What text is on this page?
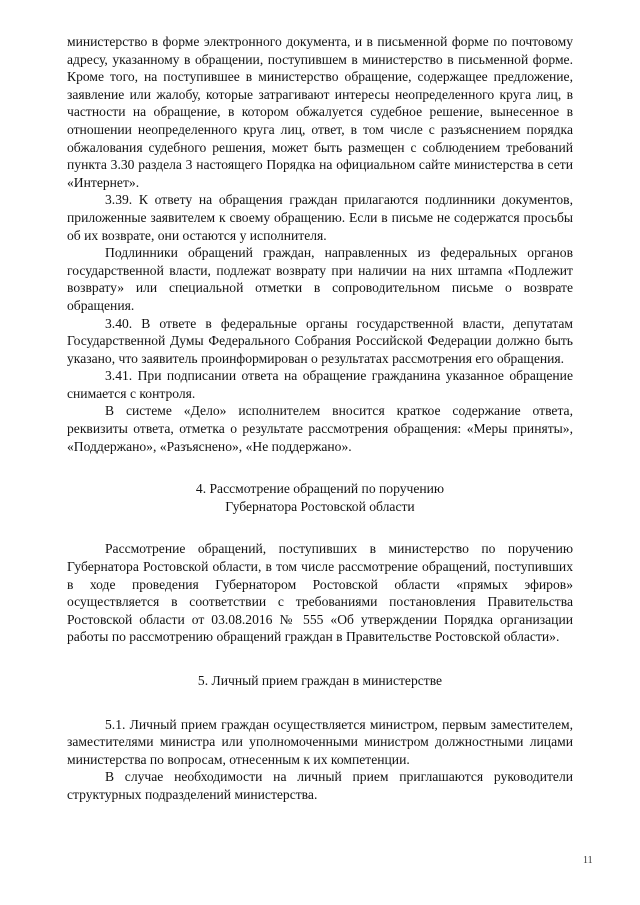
министерство в форме электронного документа, и в письменной форме по почтовому адресу, указанному в обращении, поступившем в министерство в письменной форме. Кроме того, на поступившее в министерство обращение, содержащее предложение, заявление или жалобу, которые затрагивают интересы неопределенного круга лиц, в частности на обращение, в котором обжалуется судебное решение, вынесенное в отношении неопределенного круга лиц, ответ, в том числе с разъяснением порядка обжалования судебного решения, может быть размещен с соблюдением требований пункта 3.30 раздела 3 настоящего Порядка на официальном сайте министерства в сети «Интернет».

3.39. К ответу на обращения граждан прилагаются подлинники документов, приложенные заявителем к своему обращению. Если в письме не содержатся просьбы об их возврате, они остаются у исполнителя.

Подлинники обращений граждан, направленных из федеральных органов государственной власти, подлежат возврату при наличии на них штампа «Подлежит возврату» или специальной отметки в сопроводительном письме о возврате обращения.

3.40. В ответе в федеральные органы государственной власти, депутатам Государственной Думы Федерального Собрания Российской Федерации должно быть указано, что заявитель проинформирован о результатах рассмотрения его обращения.

3.41. При подписании ответа на обращение гражданина указанное обращение снимается с контроля.

В системе «Дело» исполнителем вносится краткое содержание ответа, реквизиты ответа, отметка о результате рассмотрения обращения: «Меры приняты», «Поддержано», «Разъяснено», «Не поддержано».

4. Рассмотрение обращений по поручению
Губернатора Ростовской области

Рассмотрение обращений, поступивших в министерство по поручению Губернатора Ростовской области, в том числе рассмотрение обращений, поступивших в ходе проведения Губернатором Ростовской области «прямых эфиров» осуществляется в соответствии с требованиями постановления Правительства Ростовской области от 03.08.2016 № 555 «Об утверждении Порядка организации работы по рассмотрению обращений граждан в Правительстве Ростовской области».

5. Личный прием граждан в министерстве

5.1. Личный прием граждан осуществляется министром, первым заместителем, заместителями министра или уполномоченными министром должностными лицами министерства по вопросам, отнесенным к их компетенции.

В случае необходимости на личный прием приглашаются руководители структурных подразделений министерства.

11
